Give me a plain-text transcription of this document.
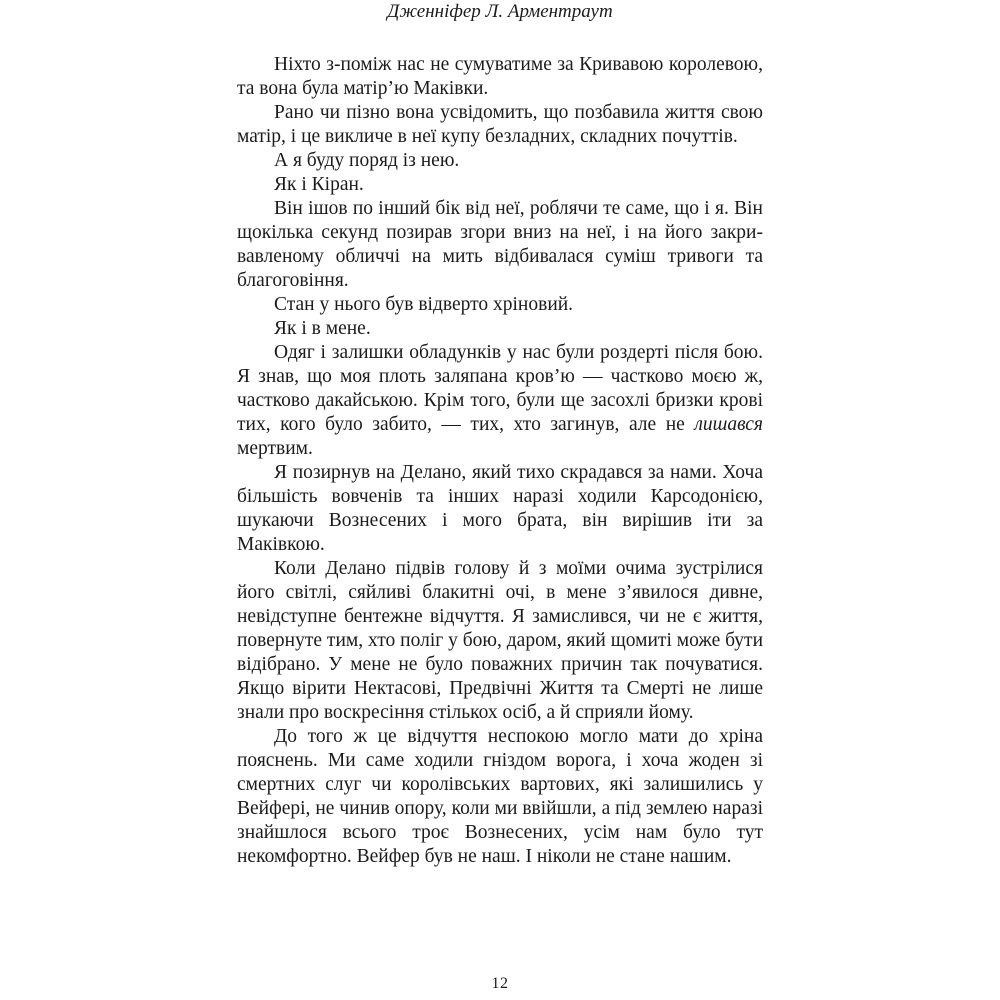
Дженніфер Л. Арментраут

Ніхто з-поміж нас не сумуватиме за Кривавою королевою, та вона була матір’ю Маківки.

Рано чи пізно вона усвідомить, що позбавила життя свою матір, і це викличе в неї купу безладних, складних почуттів.

А я буду поряд із нею.

Як і Кіран.

Він ішов по інший бік від неї, роблячи те саме, що і я. Він щокілька секунд позирав згори вниз на неї, і на його закривавленому обличчі на мить відбивалася суміш тривоги та благоговіння.

Стан у нього був відверто хріновий.

Як і в мене.

Одяг і залишки обладунків у нас були роздерті після бою. Я знав, що моя плоть заляпана кров’ю — частково моєю ж, частково дакайською. Крім того, були ще засохлі бризки крові тих, кого було забито, — тих, хто загинув, але не лишався мертвим.

Я позирнув на Делано, який тихо скрадався за нами. Хоча більшість вовченів та інших наразі ходили Карсодонією, шукаючи Вознесених і мого брата, він вирішив іти за Маківкою.

Коли Делано підвів голову й з моїми очима зустрілися його світлі, сяйливі блакитні очі, в мене з’явилося дивне, невідступне бентежне відчуття. Я замислився, чи не є життя, повернуте тим, хто поліг у бою, даром, який щомиті може бути відібрано. У мене не було поважних причин так почуватися. Якщо вірити Нектасові, Предвічні Життя та Смерті не лише знали про воскресіння стількох осіб, а й сприяли йому.

До того ж це відчуття неспокою могло мати до хріна пояснень. Ми саме ходили гніздом ворога, і хоча жоден зі смертних слуг чи королівських вартових, які залишились у Вейфері, не чинив опору, коли ми ввійшли, а під землею наразі знайшлося всього троє Вознесених, усім нам було тут некомфортно. Вейфер був не наш. І ніколи не стане нашим.

12
